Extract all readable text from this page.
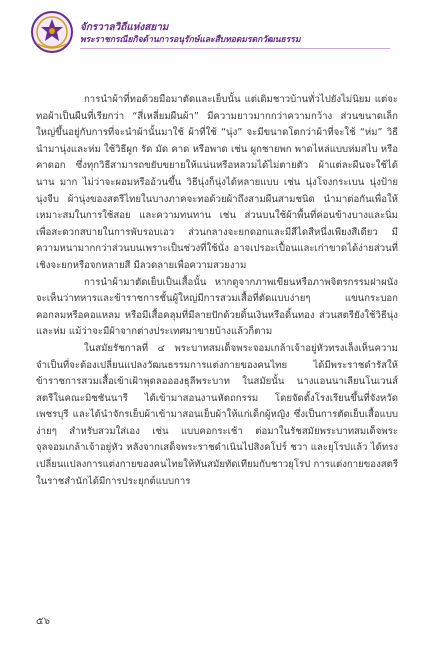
จักรวาลวิถีแห่งสยาม
พระราชกรณียกิจด้านการอนุรักษ์และสืบทอดมรดกวัฒนธรรม

การนำผ้าที่ทอด้วยมือมาตัดและเย็บนั้น แต่เดิมชาวบ้านทั่วไปยังไม่นิยม แต่จะทอผ้าเป็นผืนที่เรียกว่า “สี่เหลี่ยมผืนผ้า” มีความยาวมากกว่าความกว้าง ส่วนขนาดเล็กใหญ่ขึ้นอยู่กับการที่จะนำผ้านั้นมาใช้ ผ้าที่ใช้ “นุ่ง” จะมีขนาดโตกว่าผ้าที่จะใช้ “ห่ม” วิธีนำมานุ่งและห่ม ใช้วิธีผูก รัด มัด คาด หรือพาด เช่น ผูกชายพก พาดไหล่แบบห่มสไบ หรือคาดอก ซึ่งทุกวิธีสามารถขยับขยายให้แน่นหรือหลวมได้ไม่ตายตัว ผ้าแต่ละผืนจะใช้ได้นาน มาก ไม่ว่าจะผอมหรืออ้วนขึ้น วิธีนุ่งก็นุ่งได้หลายแบบ เช่น นุ่งโจงกระเบน นุ่งป้าย นุ่งจีบ ผ้านุ่งของสตรีไทยในบางภาคจะทอด้วยผ้าถึงสามผืนสามชนิด นำมาต่อกันเพื่อให้เหมาะสมในการใช้สอย และความทนทาน เช่น ส่วนบนใช้ผ้าพื้นที่ค่อนข้างบางและนิ่ม เพื่อสะดวกสบายในการพับรอบเอว ส่วนกลางจะยกดอกและมีสีไดสีหนึ่งเพียงสีเดียว มีความหนามากกว่าส่วนบนเพราะเป็นช่วงที่ใช้นั่ง อาจเปรอะเปื้อนและเก่าขาดได้ง่ายส่วนที่เชิงจะยกหรือจกหลายสี มีลวดลายเพื่อความสวยงาม

การนำผ้ามาตัดเย็บเป็นเสื้อนั้น หากดูจากภาพเขียนหรือภาพจิตรกรรมฝาผนัง จะเห็นว่าทหารและข้าราชการชั้นผู้ใหญ่มีการสวมเสื้อที่ตัดแบบง่ายๆ แขนกระบอก คอกลมหรือคอแหลม หรือมีเสื้อคลุมที่มีลายปักด้วยดิ้นเงินหรือดิ้นทอง ส่วนสตรียังใช้วิธีนุ่งและห่ม แม้ว่าจะมีผ้าจากต่างประเทศมาขายบ้างแล้วก็ตาม

ในสมัยรัชกาลที่ ๔ พระบาทสมเด็จพระจอมเกล้าเจ้าอยู่หัวทรงเล็งเห็นความจำเป็นที่จะต้องเปลี่ยนแปลงวัฒนธรรมการแต่งกายของคนไทย ได้มีพระราชดำรัสให้ข้าราชการสวมเสื้อเข้าเฝ้าพุดลออองธุลีพระบาท ในสมัยนั้น นางแอนนาเลียนโนเวนส์ สตรีในคณะมิชชันนารี ได้เข้ามาสอนงานหัตถกรรม โดยจัดตั้งโรงเรียนขึ้นที่จังหวัดเพชรบุรี และได้นำจักรเย็บผ้าเข้ามาสอนเย็บผ้าให้แก่เด็กผู้หญิง ซึ่งเป็นการตัดเย็บเสื้อแบบง่ายๆ สำหรับสวมใส่เอง เช่น แบบคอกระเช้า ต่อมาในรัชสมัยพระบาทสมเด็จพระจุลจอมเกล้าเจ้าอยู่หัว หลังจากเสด็จพระราชดำเนินไปสิงคโปร์ ชวา และยุโรปแล้ว ได้ทรงเปลี่ยนแปลงการแต่งกายของคนไทยให้ทันสมัยทัดเทียมกับชาวยุโรป การแต่งกายของสตรีในราชสำนักได้มีการประยุกต์แบบการ

๕๖
